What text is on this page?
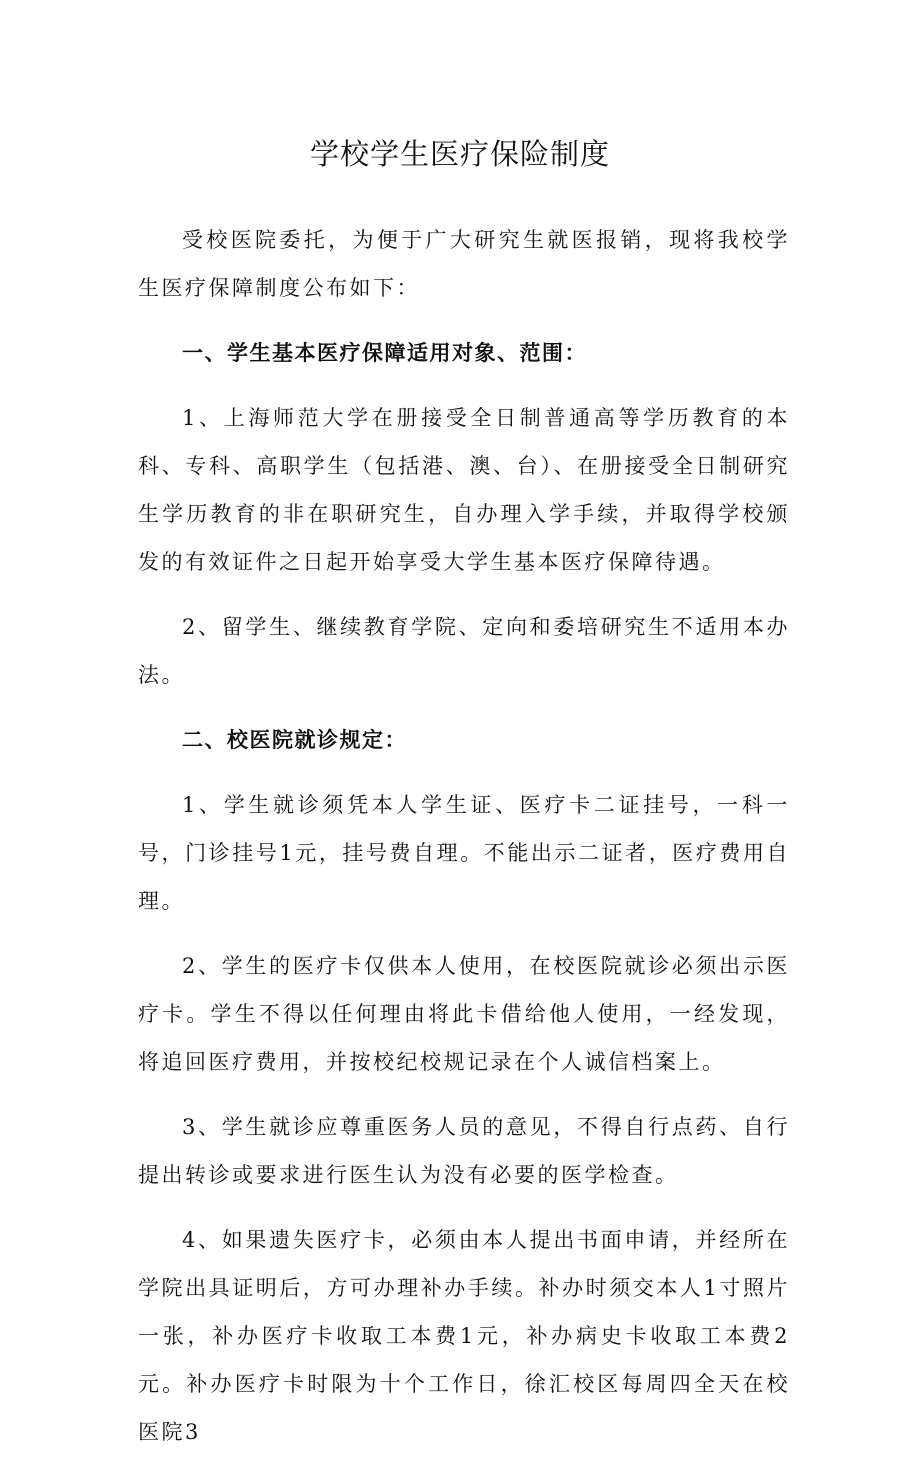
学校学生医疗保险制度

受校医院委托，为便于广大研究生就医报销，现将我校学生医疗保障制度公布如下：

一、学生基本医疗保障适用对象、范围：

1、上海师范大学在册接受全日制普通高等学历教育的本科、专科、高职学生（包括港、澳、台）、在册接受全日制研究生学历教育的非在职研究生，自办理入学手续，并取得学校颁发的有效证件之日起开始享受大学生基本医疗保障待遇。

2、留学生、继续教育学院、定向和委培研究生不适用本办法。

二、校医院就诊规定：

1、学生就诊须凭本人学生证、医疗卡二证挂号，一科一号，门诊挂号1元，挂号费自理。不能出示二证者，医疗费用自理。

2、学生的医疗卡仅供本人使用，在校医院就诊必须出示医疗卡。学生不得以任何理由将此卡借给他人使用，一经发现，将追回医疗费用，并按校纪校规记录在个人诚信档案上。

3、学生就诊应尊重医务人员的意见，不得自行点药、自行提出转诊或要求进行医生认为没有必要的医学检查。

4、如果遗失医疗卡，必须由本人提出书面申请，并经所在学院出具证明后，方可办理补办手续。补办时须交本人1寸照片一张，补办医疗卡收取工本费1元，补办病史卡收取工本费2元。补办医疗卡时限为十个工作日，徐汇校区每周四全天在校医院3
